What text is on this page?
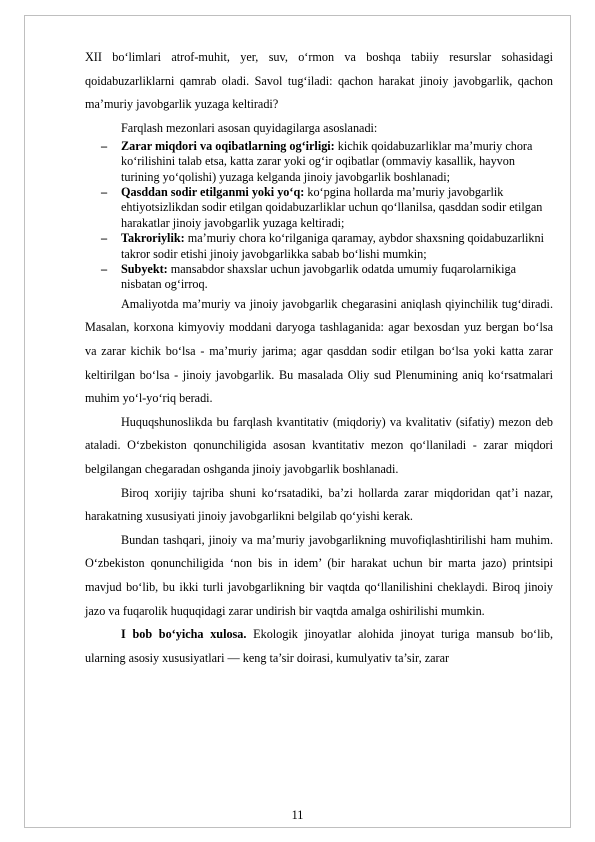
XII bo‘limlari atrof-muhit, yer, suv, o‘rmon va boshqa tabiiy resurslar sohasidagi qoidabuzarliklarni qamrab oladi. Savol tug‘iladi: qachon harakat jinoiy javobgarlik, qachon ma’muriy javobgarlik yuzaga keltiradi?

Farqlash mezonlari asosan quyidagilarga asoslanadi:

– Zarar miqdori va oqibatlarning og‘irligi: kichik qoidabuzarliklar ma’muriy chora ko‘rilishini talab etsa, katta zarar yoki og‘ir oqibatlar (ommaviy kasallik, hayvon turining yo‘qolishi) yuzaga kelganda jinoiy javobgarlik boshlanadi;
– Qasddan sodir etilganmi yoki yo‘q: ko‘pgina hollarda ma’muriy javobgarlik ehtiyotsizlikdan sodir etilgan qoidabuzarliklar uchun qo‘llanilsa, qasddan sodir etilgan harakatlar jinoiy javobgarlik yuzaga keltiradi;
– Takroriylik: ma’muriy chora ko‘rilganiga qaramay, aybdor shaxsning qoidabuzarlikni takror sodir etishi jinoiy javobgarlikka sabab bo‘lishi mumkin;
– Subyekt: mansabdor shaxslar uchun javobgarlik odatda umumiy fuqarolarnikiga nisbatan og‘irroq.

Amaliyotda ma’muriy va jinoiy javobgarlik chegarasini aniqlash qiyinchilik tug‘diradi. Masalan, korxona kimyoviy moddani daryoga tashlaganida: agar bexosdan yuz bergan bo‘lsa va zarar kichik bo‘lsa - ma’muriy jarima; agar qasddan sodir etilgan bo‘lsa yoki katta zarar keltirilgan bo‘lsa - jinoiy javobgarlik. Bu masalada Oliy sud Plenumining aniq ko‘rsatmalari muhim yo‘l-yo‘riq beradi.

Huquqshunoslikda bu farqlash kvantitativ (miqdoriy) va kvalitativ (sifatiy) mezon deb ataladi. O‘zbekiston qonunchiligida asosan kvantitativ mezon qo‘llaniladi - zarar miqdori belgilangan chegaradan oshganda jinoiy javobgarlik boshlanadi.

Biroq xorijiy tajriba shuni ko‘rsatadiki, ba’zi hollarda zarar miqdoridan qat’i nazar, harakatning xususiyati jinoiy javobgarlikni belgilab qo‘yishi kerak.

Bundan tashqari, jinoiy va ma’muriy javobgarlikning muvofiqlashtirilishi ham muhim. O‘zbekiston qonunchiligida ‘non bis in idem’ (bir harakat uchun bir marta jazo) printsipi mavjud bo‘lib, bu ikki turli javobgarlikning bir vaqtda qo‘llanilishini cheklaydi. Biroq jinoiy jazo va fuqarolik huquqidagi zarar undirish bir vaqtda amalga oshirilishi mumkin.

I bob bo‘yicha xulosa. Ekologik jinoyatlar alohida jinoyat turiga mansub bo‘lib, ularning asosiy xususiyatlari — keng ta’sir doirasi, kumulyativ ta’sir, zarar

11
